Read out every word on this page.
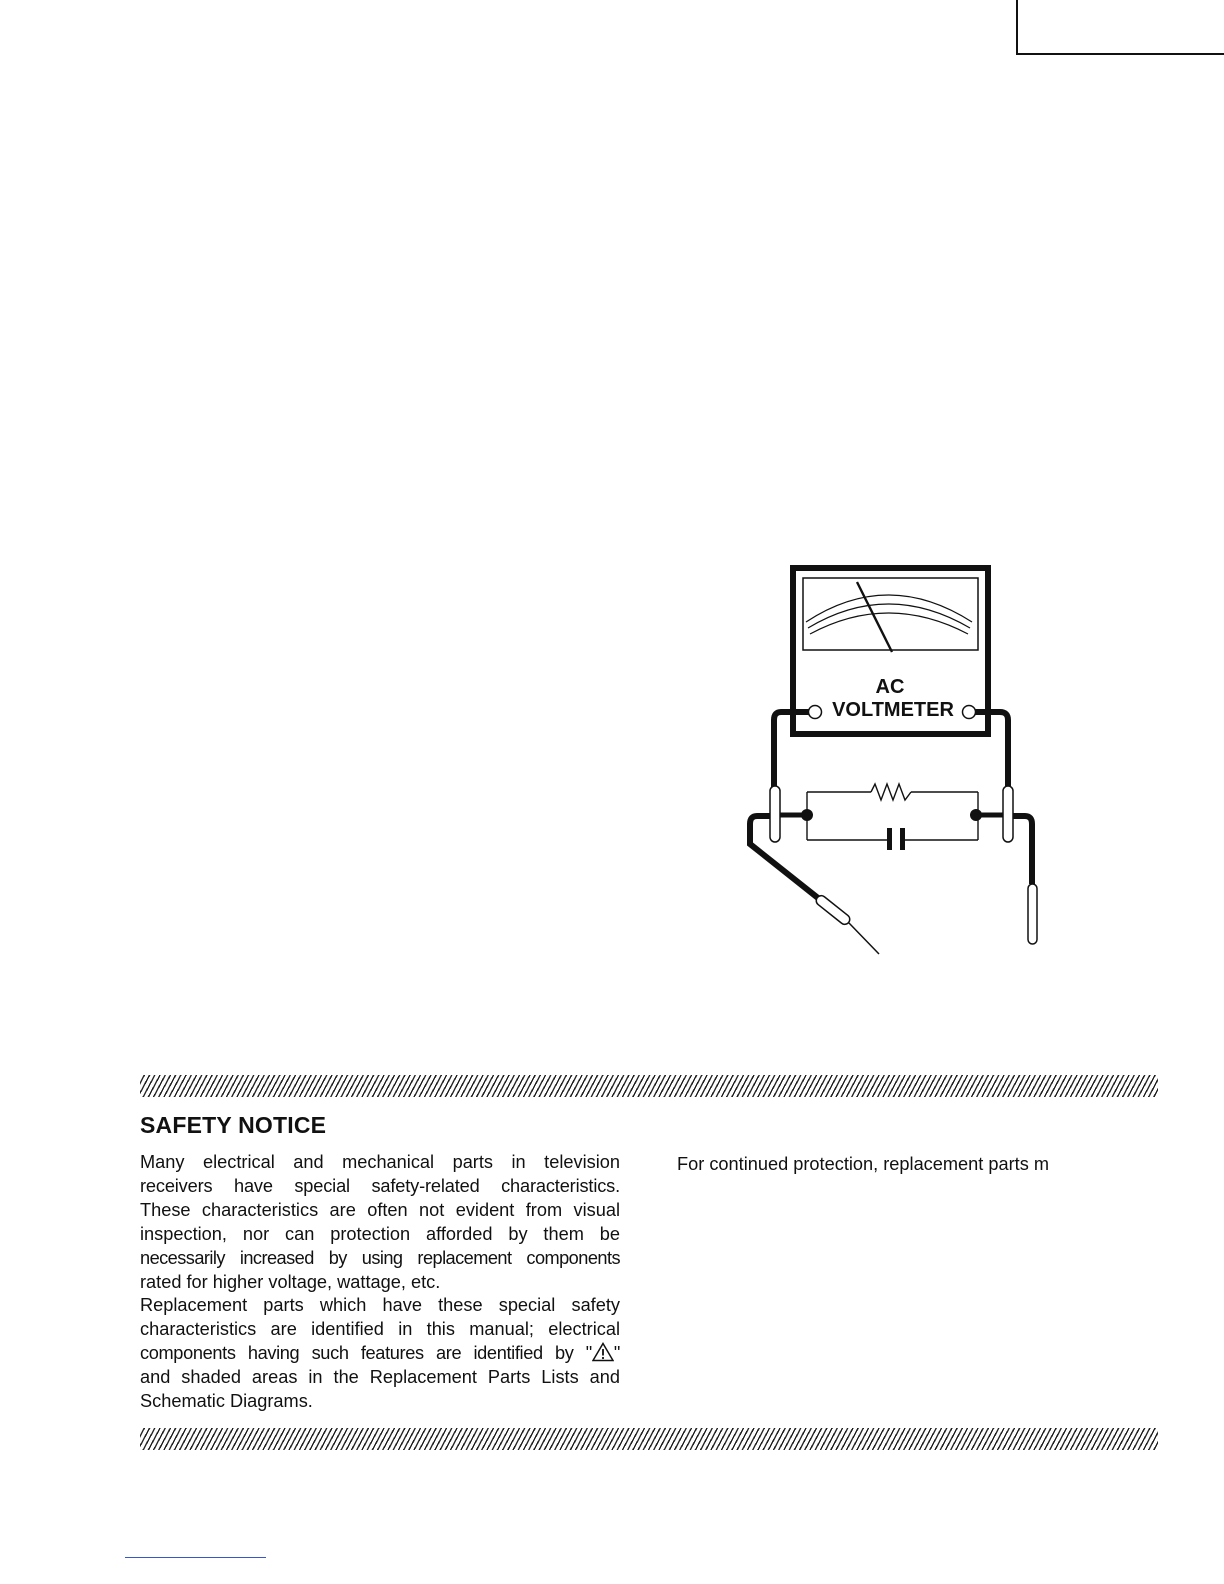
AC
VOLTMETER
SAFETY NOTICE
Many electrical and mechanical parts in television
receivers have special safety-related characteristics.
These characteristics are often not evident from visual
inspection, nor can protection afforded by them be
necessarily increased by using replacement components
rated for higher voltage, wattage, etc.
Replacement parts which have these special safety
characteristics are identified in this manual; electrical
components having such features are identified by " "
and shaded areas in the Replacement Parts Lists and
Schematic Diagrams.
For continued protection, replacement parts m
